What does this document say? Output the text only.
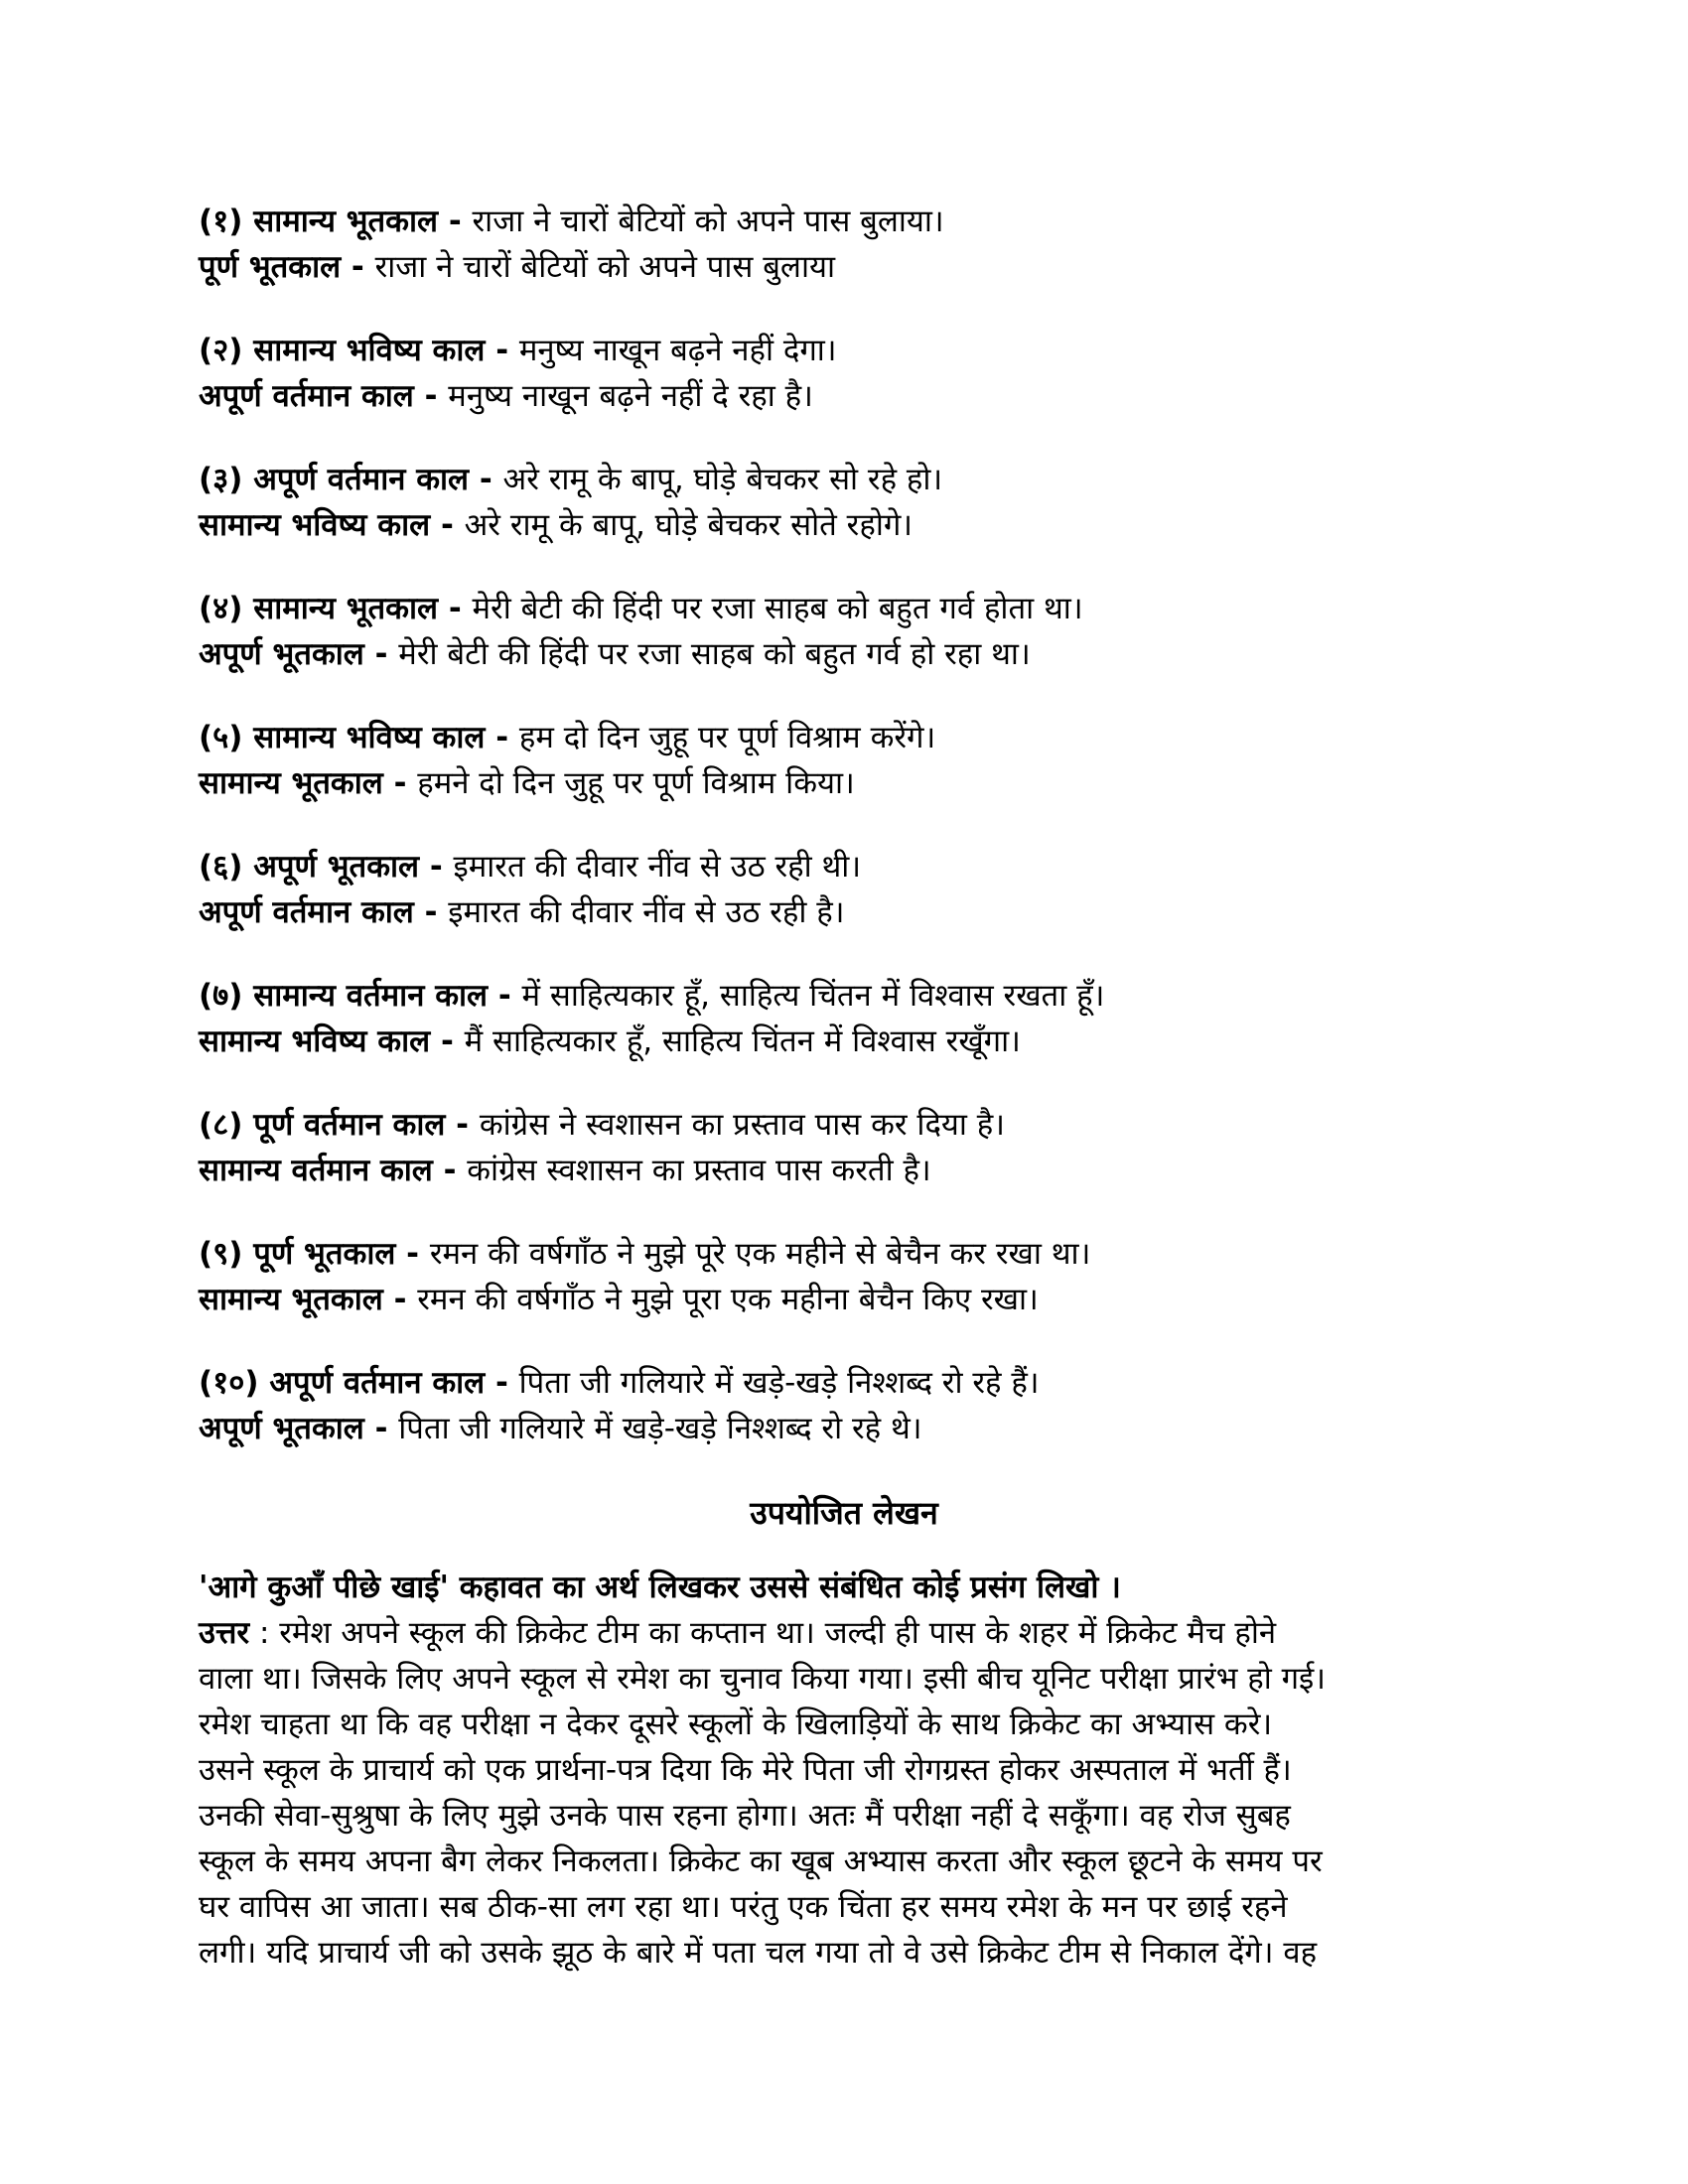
(१) सामान्य भूतकाल - राजा ने चारों बेटियों को अपने पास बुलाया।
पूर्ण भूतकाल - राजा ने चारों बेटियों को अपने पास बुलाया
(२) सामान्य भविष्य काल - मनुष्य नाखून बढ़ने नहीं देगा।
अपूर्ण वर्तमान काल - मनुष्य नाखून बढ़ने नहीं दे रहा है।
(३) अपूर्ण वर्तमान काल - अरे रामू के बापू, घोड़े बेचकर सो रहे हो।
सामान्य भविष्य काल - अरे रामू के बापू, घोड़े बेचकर सोते रहोगे।
(४) सामान्य भूतकाल - मेरी बेटी की हिंदी पर रजा साहब को बहुत गर्व होता था।
अपूर्ण भूतकाल - मेरी बेटी की हिंदी पर रजा साहब को बहुत गर्व हो रहा था।
(५) सामान्य भविष्य काल - हम दो दिन जुहू पर पूर्ण विश्राम करेंगे।
सामान्य भूतकाल - हमने दो दिन जुहू पर पूर्ण विश्राम किया।
(६) अपूर्ण भूतकाल - इमारत की दीवार नींव से उठ रही थी।
अपूर्ण वर्तमान काल - इमारत की दीवार नींव से उठ रही है।
(७) सामान्य वर्तमान काल - में साहित्यकार हूँ, साहित्य चिंतन में विश्वास रखता हूँ।
सामान्य भविष्य काल - मैं साहित्यकार हूँ, साहित्य चिंतन में विश्वास रखूँगा।
(८) पूर्ण वर्तमान काल - कांग्रेस ने स्वशासन का प्रस्ताव पास कर दिया है।
सामान्य वर्तमान काल - कांग्रेस स्वशासन का प्रस्ताव पास करती है।
(९) पूर्ण भूतकाल - रमन की वर्षगाँठ ने मुझे पूरे एक महीने से बेचैन कर रखा था।
सामान्य भूतकाल - रमन की वर्षगाँठ ने मुझे पूरा एक महीना बेचैन किए रखा।
(१०) अपूर्ण वर्तमान काल - पिता जी गलियारे में खड़े-खड़े निश्शब्द रो रहे हैं।
अपूर्ण भूतकाल - पिता जी गलियारे में खड़े-खड़े निश्शब्द रो रहे थे।
उपयोजित लेखन
'आगे कुआँ पीछे खाई' कहावत का अर्थ लिखकर उससे संबंधित कोई प्रसंग लिखो ।
उत्तर : रमेश अपने स्कूल की क्रिकेट टीम का कप्तान था। जल्दी ही पास के शहर में क्रिकेट मैच होने
वाला था। जिसके लिए अपने स्कूल से रमेश का चुनाव किया गया। इसी बीच यूनिट परीक्षा प्रारंभ हो गई।
रमेश चाहता था कि वह परीक्षा न देकर दूसरे स्कूलों के खिलाड़ियों के साथ क्रिकेट का अभ्यास करे।
उसने स्कूल के प्राचार्य को एक प्रार्थना-पत्र दिया कि मेरे पिता जी रोगग्रस्त होकर अस्पताल में भर्ती हैं।
उनकी सेवा-सुश्रुषा के लिए मुझे उनके पास रहना होगा। अतः मैं परीक्षा नहीं दे सकूँगा। वह रोज सुबह
स्कूल के समय अपना बैग लेकर निकलता। क्रिकेट का खूब अभ्यास करता और स्कूल छूटने के समय पर
घर वापिस आ जाता। सब ठीक-सा लग रहा था। परंतु एक चिंता हर समय रमेश के मन पर छाई रहने
लगी। यदि प्राचार्य जी को उसके झूठ के बारे में पता चल गया तो वे उसे क्रिकेट टीम से निकाल देंगे। वह
